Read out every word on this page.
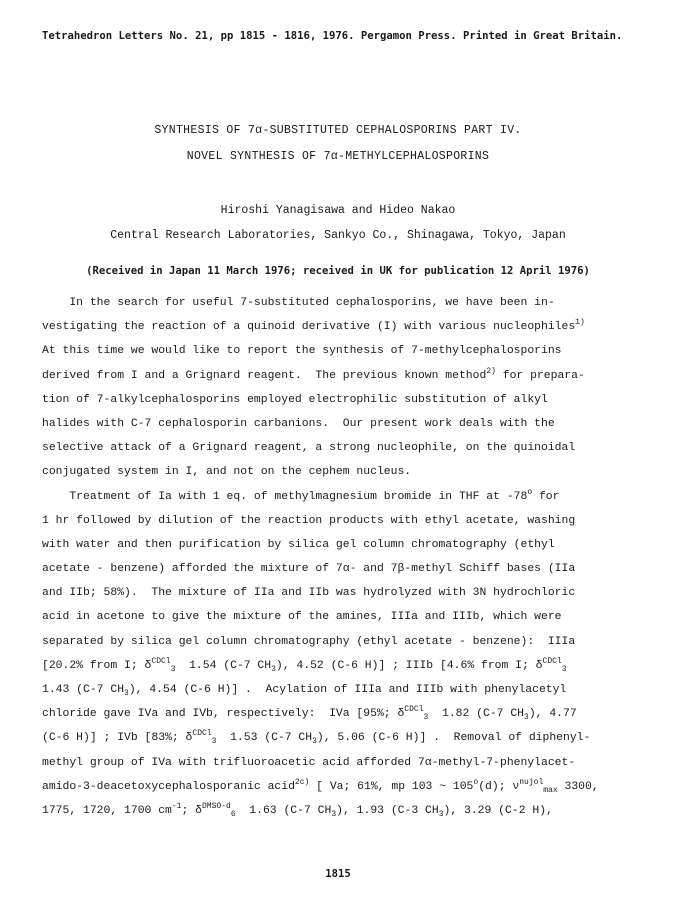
Tetrahedron Letters No. 21, pp 1815 - 1816, 1976. Pergamon Press. Printed in Great Britain.
SYNTHESIS OF 7α-SUBSTITUTED CEPHALOSPORINS PART IV.
NOVEL SYNTHESIS OF 7α-METHYLCEPHALOSPORINS
Hiroshi Yanagisawa and Hideo Nakao
Central Research Laboratories, Sankyo Co., Shinagawa, Tokyo, Japan
(Received in Japan 11 March 1976; received in UK for publication 12 April 1976)
In the search for useful 7-substituted cephalosporins, we have been in-
vestigating the reaction of a quinoid derivative (I) with various nucleophiles$^{1)}$
At this time we would like to report the synthesis of 7-methylcephalosporins
derived from I and a Grignard reagent.  The previous known method$^{2)}$ for prepara-
tion of 7-alkylcephalosporins employed electrophilic substitution of alkyl
halides with C-7 cephalosporin carbanions.  Our present work deals with the
selective attack of a Grignard reagent, a strong nucleophile, on the quinoidal
conjugated system in I, and not on the cephem nucleus.
Treatment of Ia with 1 eq. of methylmagnesium bromide in THF at -78$^o$ for
1 hr followed by dilution of the reaction products with ethyl acetate, washing
with water and then purification by silica gel column chromatography (ethyl
acetate - benzene) afforded the mixture of 7α- and 7β-methyl Schiff bases (IIa
and IIb; 58%).  The mixture of IIa and IIb was hydrolyzed with 3N hydrochloric
acid in acetone to give the mixture of the amines, IIIa and IIIb, which were
separated by silica gel column chromatography (ethyl acetate - benzene):  IIIa
[20.2% from I; $\delta^{CDCl}_3$  1.54 (C-7 $CH_3$), 4.52 (C-6 H)] ; IIIb [4.6% from I; $\delta^{CDCl}_3$
1.43 (C-7 $CH_3$), 4.54 (C-6 H)] .  Acylation of IIIa and IIIb with phenylacetyl
chloride gave IVa and IVb, respectively:  IVa [95%; $\delta^{CDCl}_3$  1.82 (C-7 $CH_3$), 4.77
(C-6 H)] ; IVb [83%; $\delta^{CDCl}_3$  1.53 (C-7 $CH_3$), 5.06 (C-6 H)] .  Removal of diphenyl-
methyl group of IVa with trifluoroacetic acid afforded 7α-methyl-7-phenylacet-
amido-3-deacetoxycephalosporanic acid$^{2c)}$ [ Va; 61%, mp 103 ~ 105$^o$(d); $\nu^{nujol}_{max}$ 3300,
1775, 1720, 1700 $cm^{-1}$; $\delta^{DMSO-d}_6$  1.63 (C-7 $CH_3$), 1.93 (C-3 $CH_3$), 3.29 (C-2 H),
1815
